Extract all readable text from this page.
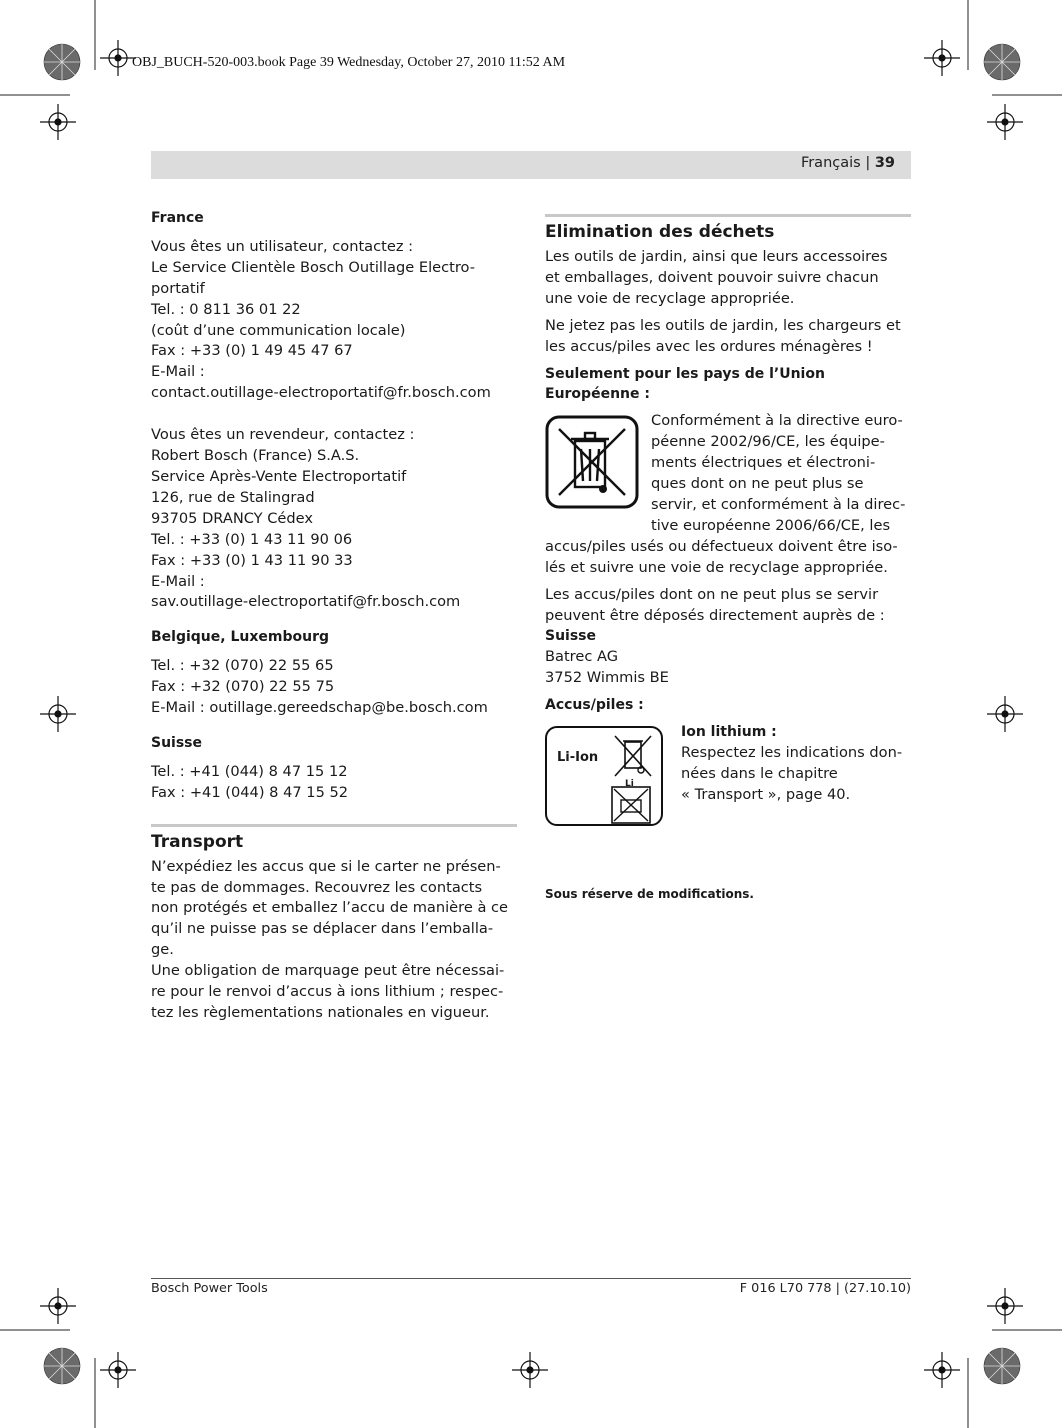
OBJ_BUCH-520-003.book Page 39 Wednesday, October 27, 2010 11:52 AM
Français | 39

France

Vous êtes un utilisateur, contactez :

Le Service Clientèle Bosch Outillage Electro-

portatif

Tel. : 0 811 36 01 22

(coût d’une communication locale)

Fax : +33 (0) 1 49 45 47 67

E-Mail :

contact.outillage-electroportatif@fr.bosch.com

Vous êtes un revendeur, contactez :

Robert Bosch (France) S.A.S.

Service Après-Vente Electroportatif

126, rue de Stalingrad

93705 DRANCY Cédex

Tel. : +33 (0) 1 43 11 90 06

Fax : +33 (0) 1 43 11 90 33

E-Mail :

sav.outillage-electroportatif@fr.bosch.com

Belgique, Luxembourg

Tel. : +32 (070) 22 55 65

Fax : +32 (070) 22 55 75

E-Mail : outillage.gereedschap@be.bosch.com

Suisse

Tel. : +41 (044) 8 47 15 12

Fax : +41 (044) 8 47 15 52

Transport

N’expédiez les accus que si le carter ne présen-

te pas de dommages. Recouvrez les contacts

non protégés et emballez l’accu de manière à ce

qu’il ne puisse pas se déplacer dans l’emballa-

ge.

Une obligation de marquage peut être nécessai-

re pour le renvoi d’accus à ions lithium ; respec-

tez les règlementations nationales en vigueur.

Elimination des déchets

Les outils de jardin, ainsi que leurs accessoires

et emballages, doivent pouvoir suivre chacun

une voie de recyclage appropriée.

Ne jetez pas les outils de jardin, les chargeurs et

les accus/piles avec les ordures ménagères !

Seulement pour les pays de l’Union

Européenne :

Conformément à la directive euro-

péenne 2002/96/CE, les équipe-

ments électriques et électroni-

ques dont on ne peut plus se

servir, et conformément à la direc-

tive européenne 2006/66/CE, les

accus/piles usés ou défectueux doivent être iso-

lés et suivre une voie de recyclage appropriée.

Les accus/piles dont on ne peut plus se servir

peuvent être déposés directement auprès de :

Suisse

Batrec AG

3752 Wimmis BE

Accus/piles :

Li-Ion
Li

Ion lithium :

Respectez les indications don-

nées dans le chapitre

« Transport », page 40.

Sous réserve de modifications.

Bosch Power Tools	F 016 L70 778 | (27.10.10)
